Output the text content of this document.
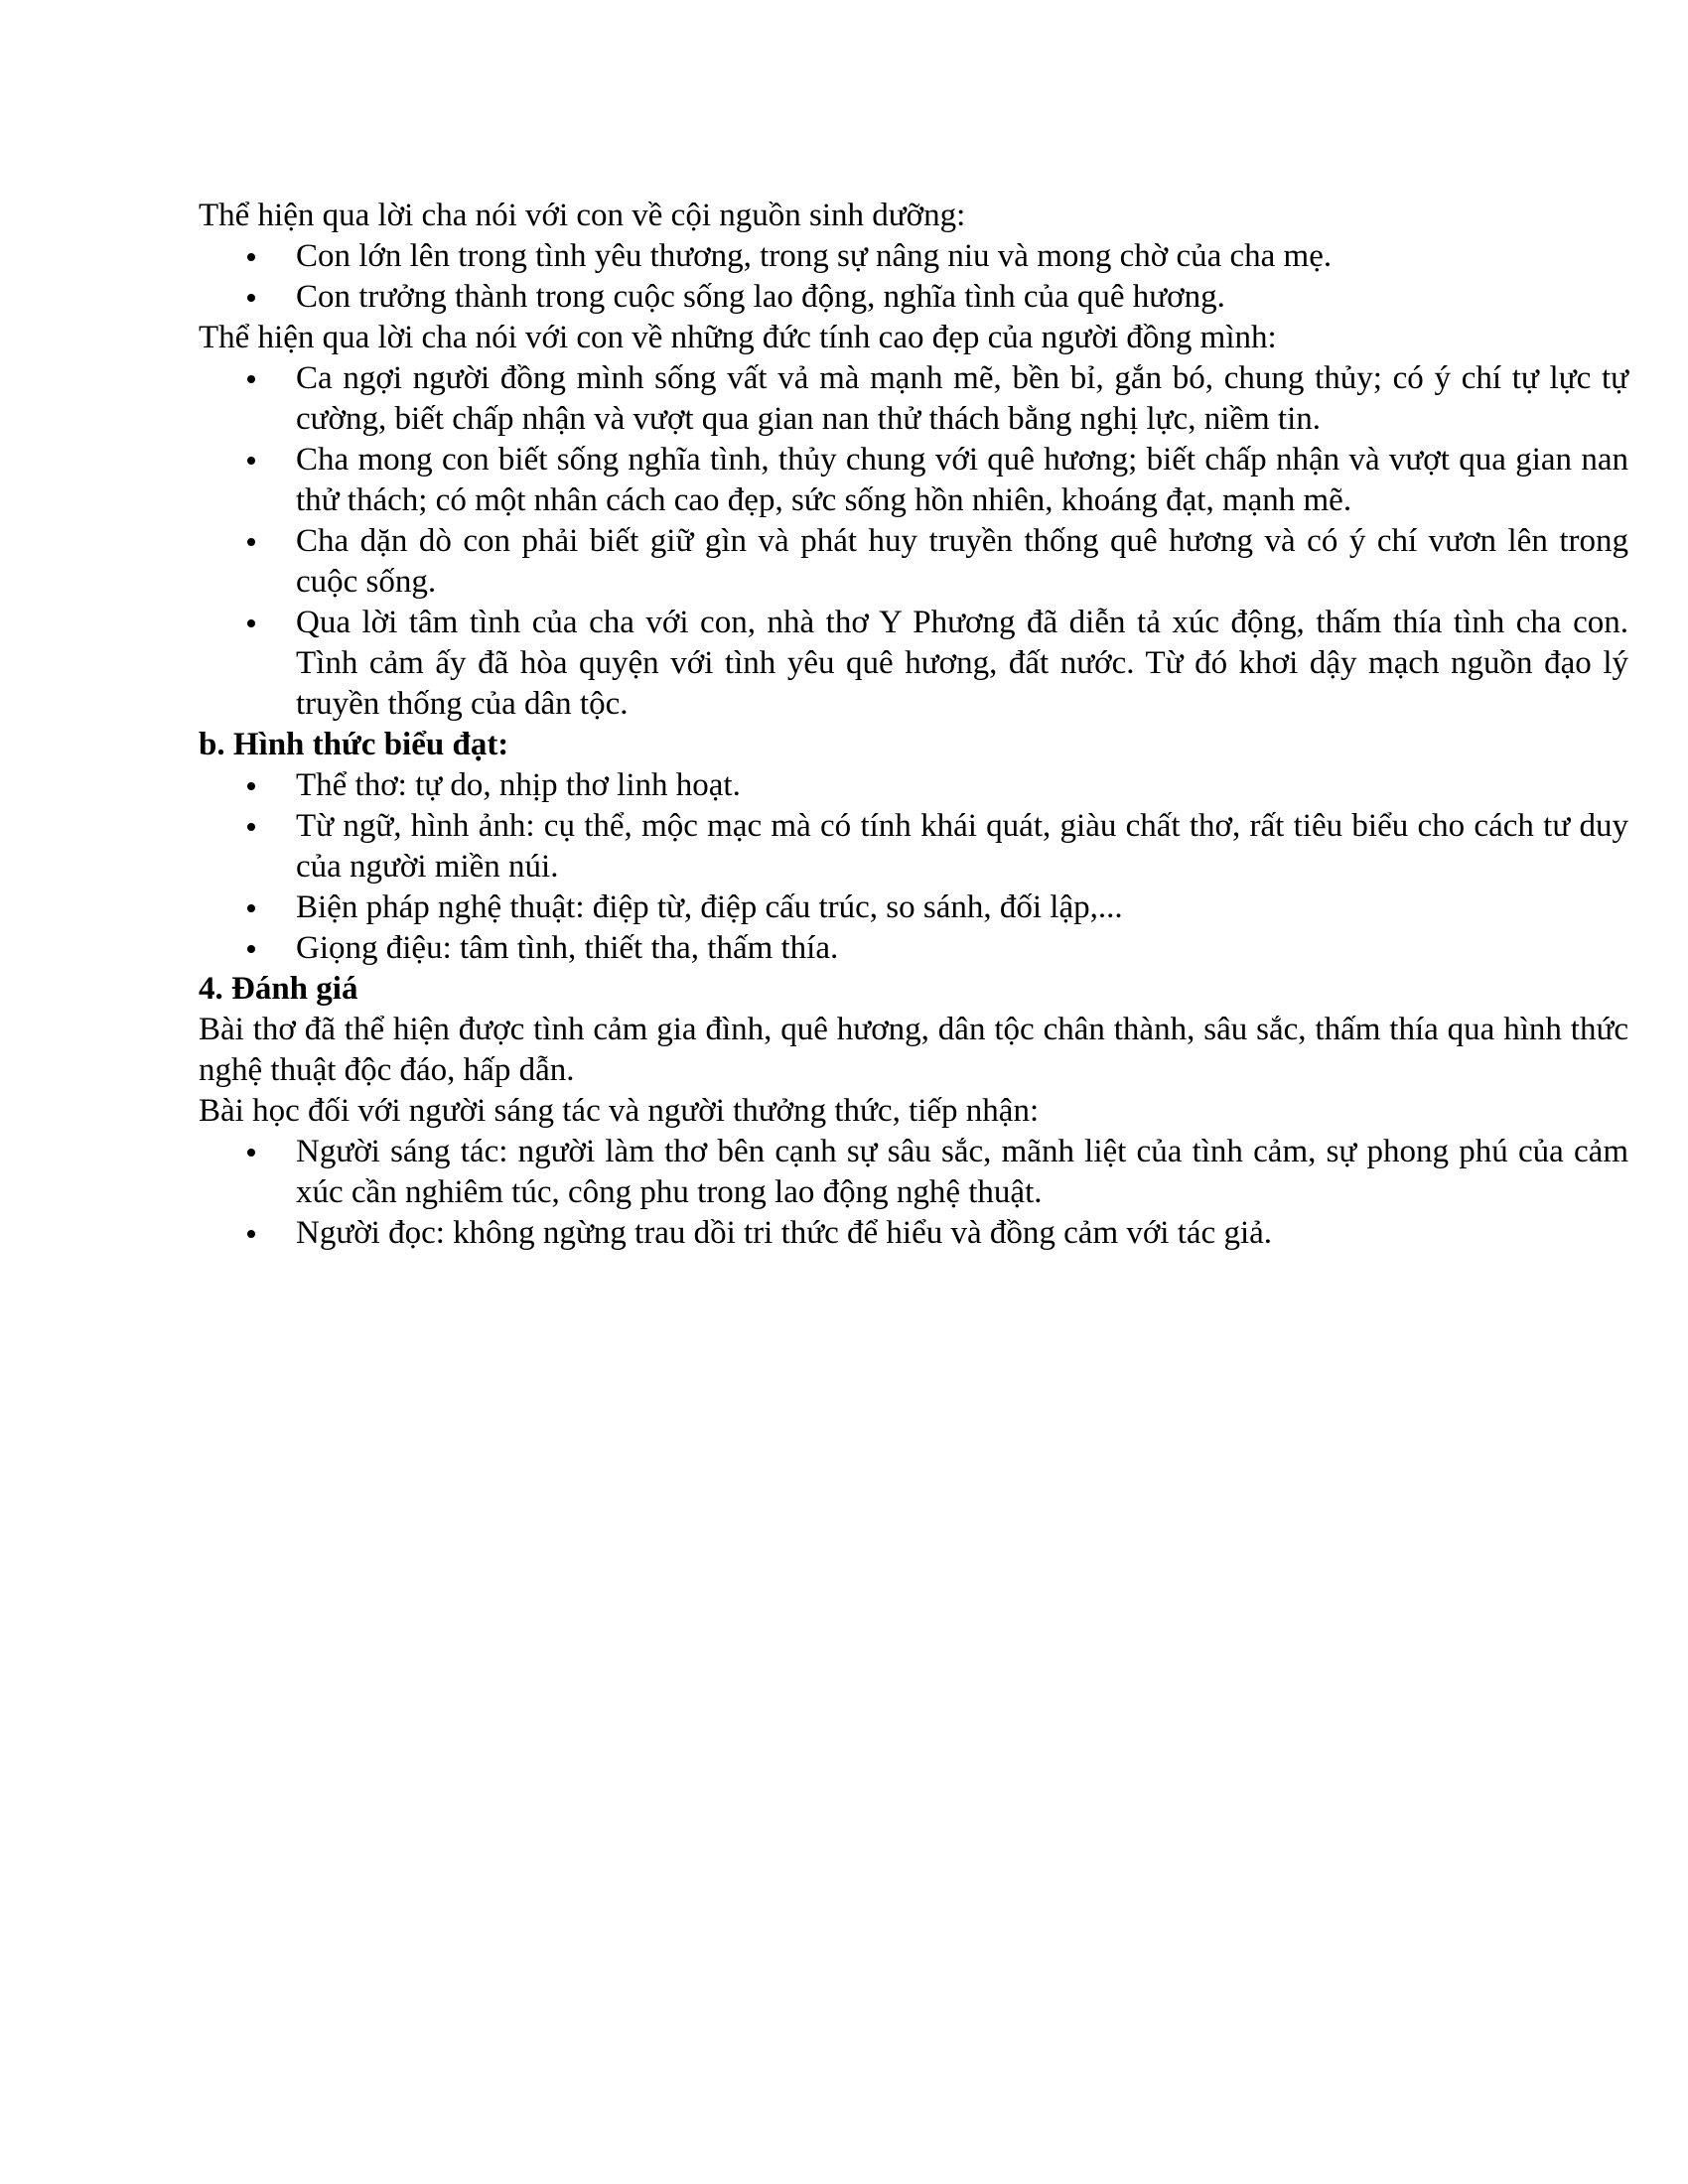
Thể hiện qua lời cha nói với con về cội nguồn sinh dưỡng:

Con lớn lên trong tình yêu thương, trong sự nâng niu và mong chờ của cha mẹ.
Con trưởng thành trong cuộc sống lao động, nghĩa tình của quê hương.

Thể hiện qua lời cha nói với con về những đức tính cao đẹp của người đồng mình:

Ca ngợi người đồng mình sống vất vả mà mạnh mẽ, bền bỉ, gắn bó, chung thủy; có ý chí tự lực tự cường, biết chấp nhận và vượt qua gian nan thử thách bằng nghị lực, niềm tin.
Cha mong con biết sống nghĩa tình, thủy chung với quê hương; biết chấp nhận và vượt qua gian nan thử thách; có một nhân cách cao đẹp, sức sống hồn nhiên, khoáng đạt, mạnh mẽ.
Cha dặn dò con phải biết giữ gìn và phát huy truyền thống quê hương và có ý chí vươn lên trong cuộc sống.
Qua lời tâm tình của cha với con, nhà thơ Y Phương đã diễn tả xúc động, thấm thía tình cha con. Tình cảm ấy đã hòa quyện với tình yêu quê hương, đất nước. Từ đó khơi dậy mạch nguồn đạo lý truyền thống của dân tộc.

b. Hình thức biểu đạt:

Thể thơ: tự do, nhịp thơ linh hoạt.
Từ ngữ, hình ảnh: cụ thể, mộc mạc mà có tính khái quát, giàu chất thơ, rất tiêu biểu cho cách tư duy của người miền núi.
Biện pháp nghệ thuật: điệp từ, điệp cấu trúc, so sánh, đối lập,...
Giọng điệu: tâm tình, thiết tha, thấm thía.

4. Đánh giá

Bài thơ đã thể hiện được tình cảm gia đình, quê hương, dân tộc chân thành, sâu sắc, thấm thía qua hình thức nghệ thuật độc đáo, hấp dẫn.

Bài học đối với người sáng tác và người thưởng thức, tiếp nhận:

Người sáng tác: người làm thơ bên cạnh sự sâu sắc, mãnh liệt của tình cảm, sự phong phú của cảm xúc cần nghiêm túc, công phu trong lao động nghệ thuật.
Người đọc: không ngừng trau dồi tri thức để hiểu và đồng cảm với tác giả.
